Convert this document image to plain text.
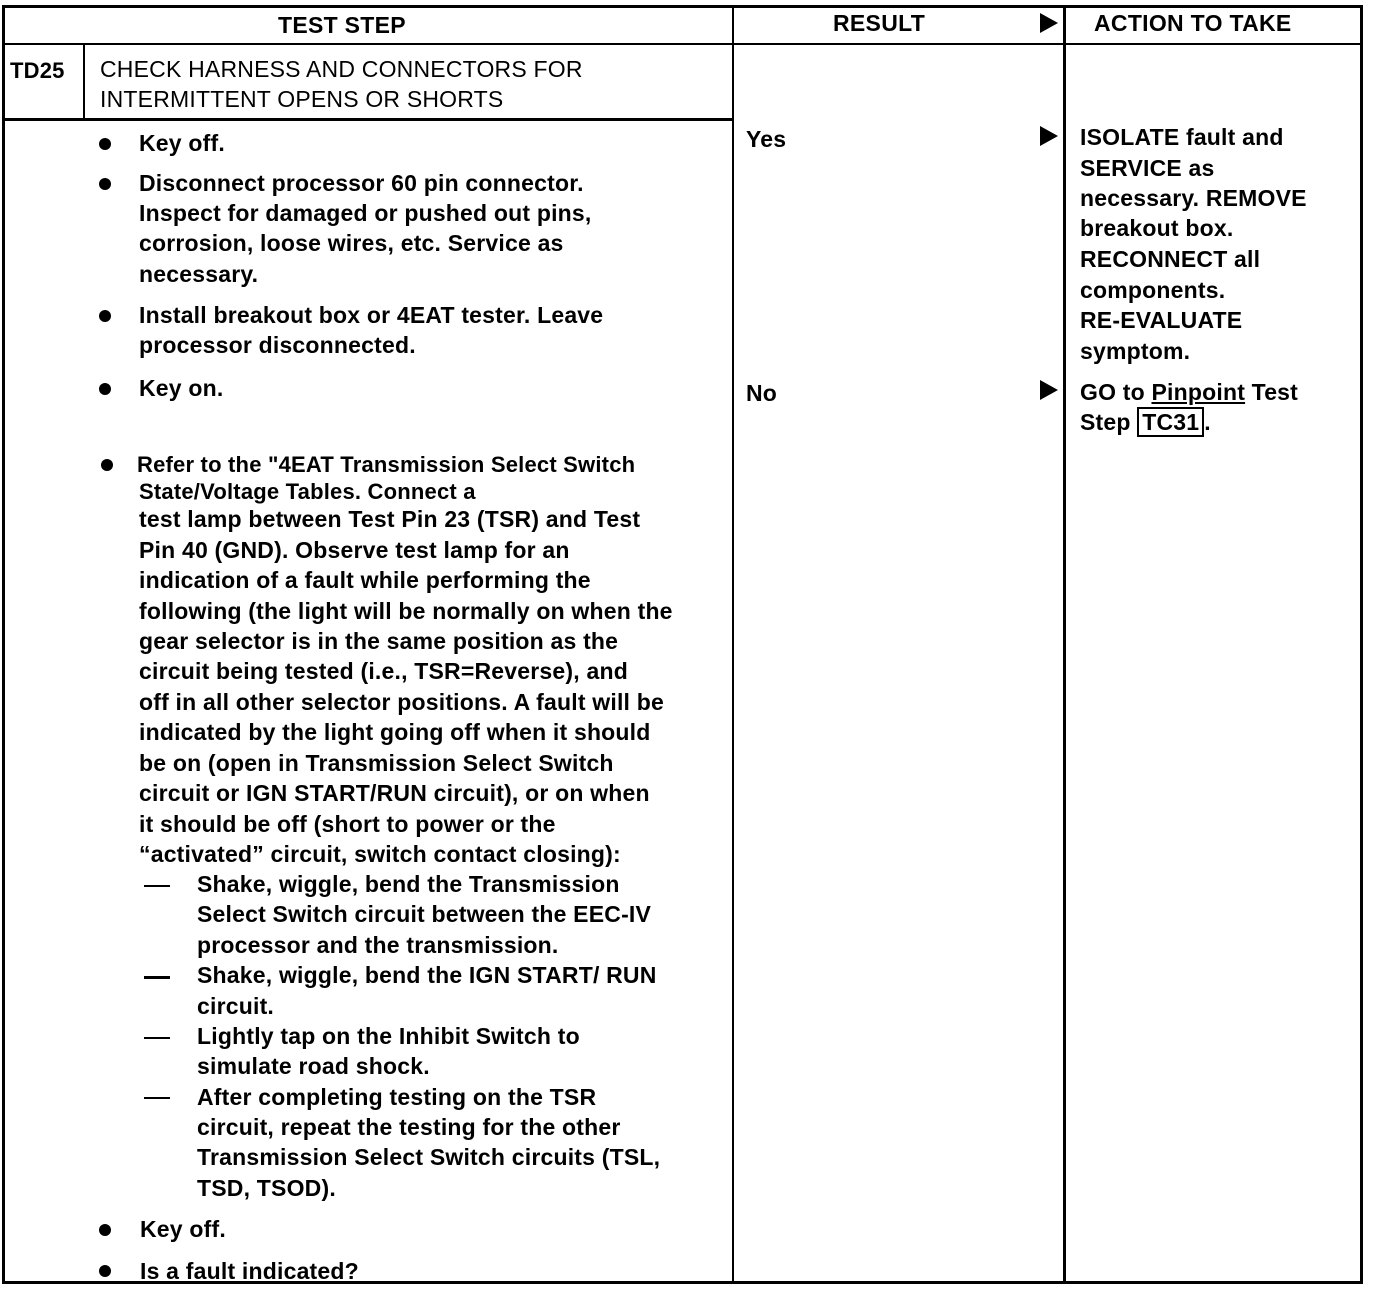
TEST STEP	RESULT	ACTION TO TAKE
TD25 CHECK HARNESS AND CONNECTORS FOR
INTERMITTENT OPENS OR SHORTS
Key off.
Disconnect processor 60 pin connector.
Inspect for damaged or pushed out pins,
corrosion, loose wires, etc. Service as
necessary.
Install breakout box or 4EAT tester. Leave
processor disconnected.
Key on.
Refer to the "4EAT Transmission Select Switch
State/Voltage Tables. Connect a
test lamp between Test Pin 23 (TSR) and Test
Pin 40 (GND). Observe test lamp for an
indication of a fault while performing the
following (the light will be normally on when the
gear selector is in the same position as the
circuit being tested (i.e., TSR=Reverse), and
off in all other selector positions. A fault will be
indicated by the light going off when it should
be on (open in Transmission Select Switch
circuit or IGN START/RUN circuit), or on when
it should be off (short to power or the
“activated” circuit, switch contact closing):
Shake, wiggle, bend the Transmission
Select Switch circuit between the EEC-IV
processor and the transmission.
Shake, wiggle, bend the IGN START/ RUN
circuit.
Lightly tap on the Inhibit Switch to
simulate road shock.
After completing testing on the TSR
circuit, repeat the testing for the other
Transmission Select Switch circuits (TSL,
TSD, TSOD).
Key off.
Is a fault indicated?
Yes
No
ISOLATE fault and
SERVICE as
necessary. REMOVE
breakout box.
RECONNECT all
components.
RE-EVALUATE
symptom.
GO to Pinpoint Test
Step TC31 .
